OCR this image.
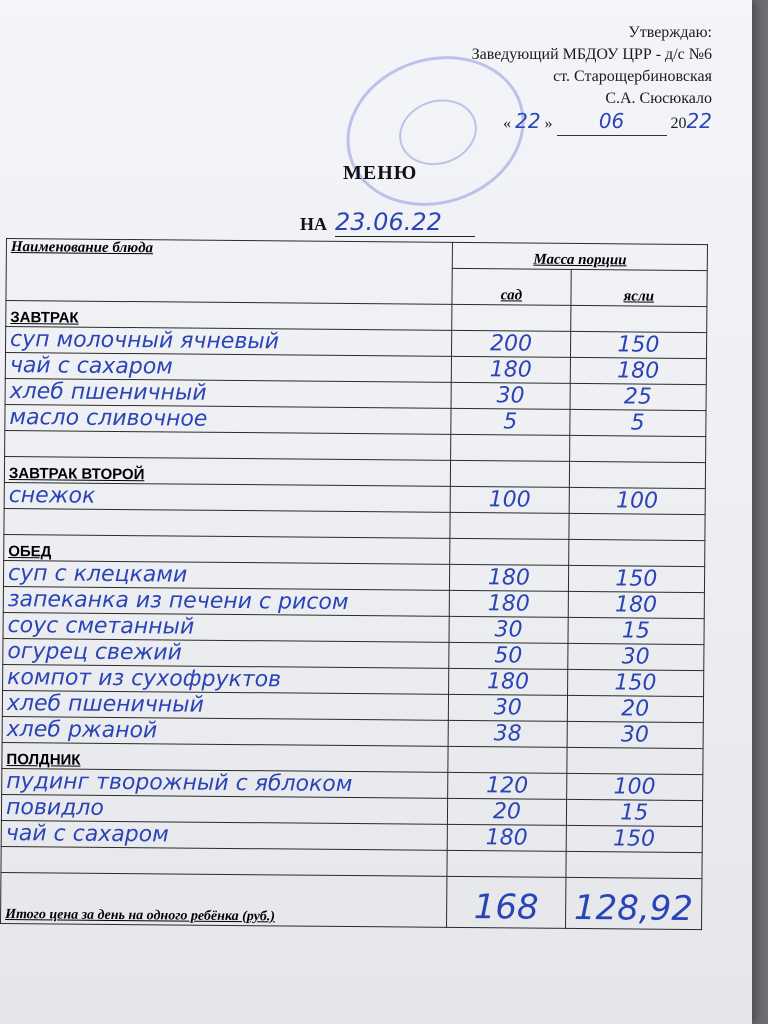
Утверждаю:
Заведующий МБДОУ ЦРР - д/с №6
ст. Старощербиновская
С.А. Сюсюкало
« 22 » 06	2022
МЕНЮ
НА 23.06.22
Наименование блюда	Масса порции	
	сад	ясли
ЗАВТРАК		
суп молочный ячневый	200	150
чай с сахаром	180	180
хлеб пшеничный	30	25
масло сливочное	5	5

ЗАВТРАК ВТОРОЙ		
снежок	100	100

ОБЕД		
суп с клецками	180	150
запеканка из печени с рисом	180	180
соус сметанный	30	15
огурец свежий	50	30
компот из сухофруктов	180	150
хлеб пшеничный	30	20
хлеб ржаной	38	30
ПОЛДНИК		
пудинг творожный с яблоком	120	100
повидло	20	15
чай с сахаром	180	150

Итого цена за день на одного ребёнка (руб.)	168	128,92
